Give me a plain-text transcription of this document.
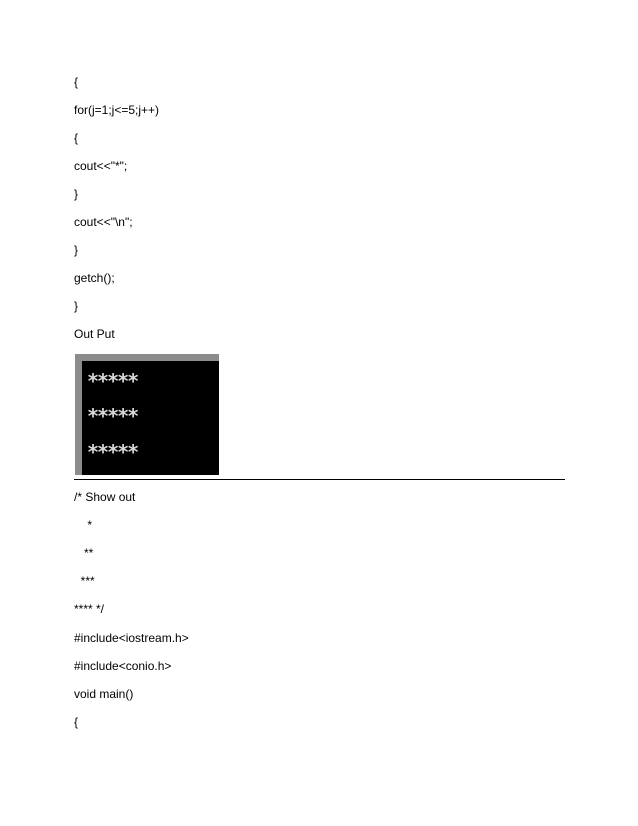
{
for(j=1;j<=5;j++)
{
cout<<"*";
}
cout<<"\n";
}
getch();
}
Out Put
*****
*****
*****
/* Show out
*
**
***
**** */
#include<iostream.h>
#include<conio.h>
void main()
{
